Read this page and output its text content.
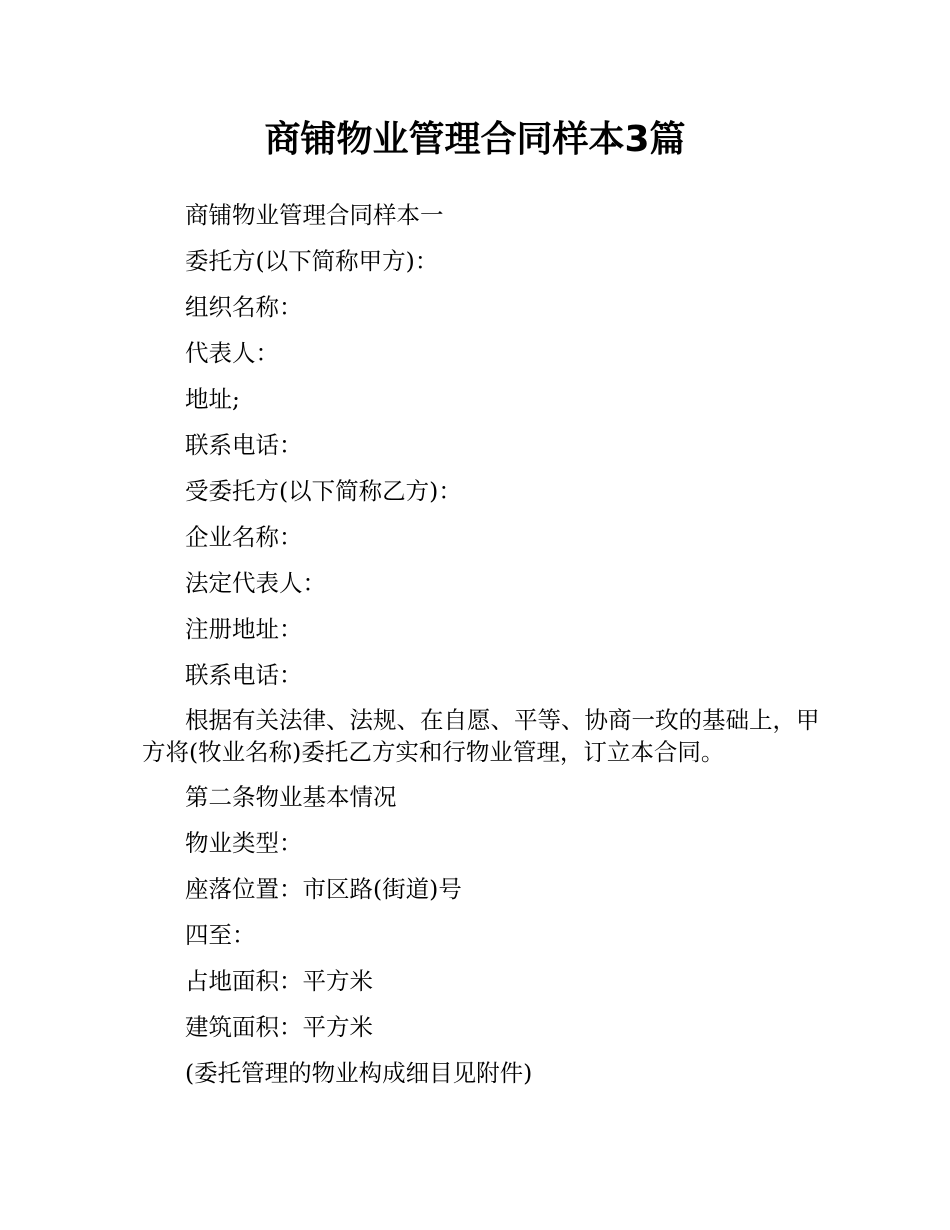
商铺物业管理合同样本3篇

商铺物业管理合同样本一

委托方(以下简称甲方)：

组织名称：

代表人：

地址;

联系电话：

受委托方(以下简称乙方)：

企业名称：

法定代表人：

注册地址：

联系电话：

根据有关法律、法规、在自愿、平等、协商一玫的基础上，甲方将(牧业名称)委托乙方实和行物业管理，订立本合同。

第二条物业基本情况

物业类型：

座落位置：市区路(街道)号

四至：

占地面积：平方米

建筑面积：平方米

(委托管理的物业构成细目见附件)
